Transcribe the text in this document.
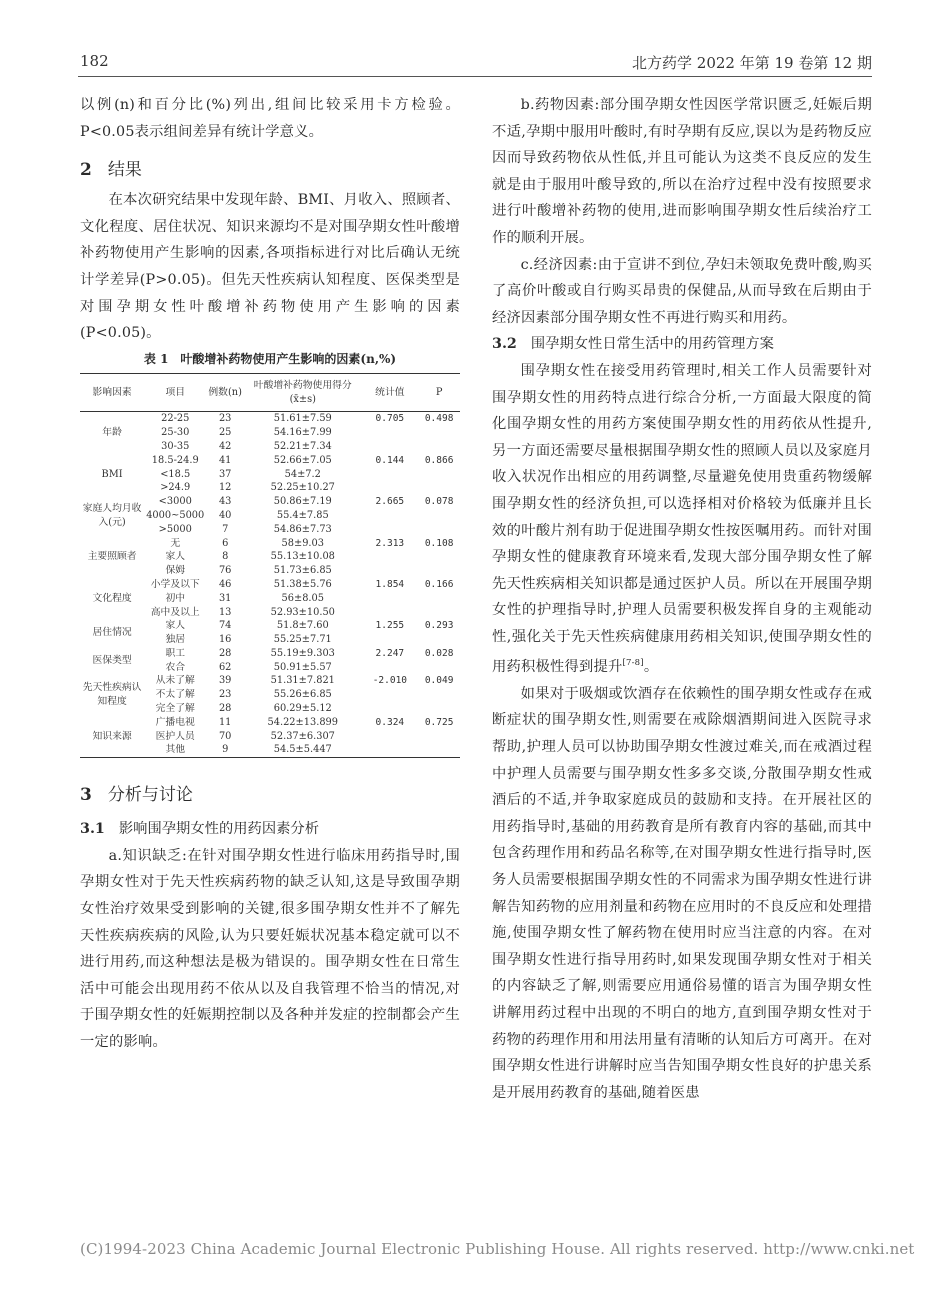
182	北方药学 2022 年第 19 卷第 12 期

以例(n)和百分比(%)列出,组间比较采用卡方检验。P<0.05表示组间差异有统计学意义。

2 结果

在本次研究结果中发现年龄、BMI、月收入、照顾者、文化程度、居住状况、知识来源均不是对围孕期女性叶酸增补药物使用产生影响的因素,各项指标进行对比后确认无统计学差异(P>0.05)。但先天性疾病认知程度、医保类型是对围孕期女性叶酸增补药物使用产生影响的因素(P<0.05)。

表 1　叶酸增补药物使用产生影响的因素(n,%)
影响因素	项目	例数(n)	叶酸增补药物使用得分(x̄±s)	统计值	P
年龄	22-25	23	51.61±7.59	0.705	0.498
	25-30	25	54.16±7.99		
	30-35	42	52.21±7.34		
BMI	18.5-24.9	41	52.66±7.05	0.144	0.866
	<18.5	37	54±7.2		
	>24.9	12	52.25±10.27		
家庭人均月收入(元)	<3000	43	50.86±7.19	2.665	0.078
	4000~5000	40	55.4±7.85		
	>5000	7	54.86±7.73		
主要照顾者	无	6	58±9.03	2.313	0.108
	家人	8	55.13±10.08		
	保姆	76	51.73±6.85		
文化程度	小学及以下	46	51.38±5.76	1.854	0.166
	初中	31	56±8.05		
	高中及以上	13	52.93±10.50		
居住情况	家人	74	51.8±7.60	1.255	0.293
	独居	16	55.25±7.71		
医保类型	职工	28	55.19±9.303	2.247	0.028
	农合	62	50.91±5.57		
先天性疾病认知程度	从未了解	39	51.31±7.821	-2.010	0.049
	不太了解	23	55.26±6.85		
	完全了解	28	60.29±5.12		
知识来源	广播电视	11	54.22±13.899	0.324	0.725
	医护人员	70	52.37±6.307		
	其他	9	54.5±5.447		
3 分析与讨论
3.1 影响围孕期女性的用药因素分析

a.知识缺乏:在针对围孕期女性进行临床用药指导时,围孕期女性对于先天性疾病药物的缺乏认知,这是导致围孕期女性治疗效果受到影响的关键,很多围孕期女性并不了解先天性疾病疾病的风险,认为只要妊娠状况基本稳定就可以不进行用药,而这种想法是极为错误的。围孕期女性在日常生活中可能会出现用药不依从以及自我管理不恰当的情况,对于围孕期女性的妊娠期控制以及各种并发症的控制都会产生一定的影响。

b.药物因素:部分围孕期女性因医学常识匮乏,妊娠后期不适,孕期中服用叶酸时,有时孕期有反应,误以为是药物反应因而导致药物依从性低,并且可能认为这类不良反应的发生就是由于服用叶酸导致的,所以在治疗过程中没有按照要求进行叶酸增补药物的使用,进而影响围孕期女性后续治疗工作的顺利开展。

c.经济因素:由于宣讲不到位,孕妇未领取免费叶酸,购买了高价叶酸或自行购买昂贵的保健品,从而导致在后期由于经济因素部分围孕期女性不再进行购买和用药。

3.2 围孕期女性日常生活中的用药管理方案

围孕期女性在接受用药管理时,相关工作人员需要针对围孕期女性的用药特点进行综合分析,一方面最大限度的简化围孕期女性的用药方案使围孕期女性的用药依从性提升,另一方面还需要尽量根据围孕期女性的照顾人员以及家庭月收入状况作出相应的用药调整,尽量避免使用贵重药物缓解围孕期女性的经济负担,可以选择相对价格较为低廉并且长效的叶酸片剂有助于促进围孕期女性按医嘱用药。而针对围孕期女性的健康教育环境来看,发现大部分围孕期女性了解先天性疾病相关知识都是通过医护人员。所以在开展围孕期女性的护理指导时,护理人员需要积极发挥自身的主观能动性,强化关于先天性疾病健康用药相关知识,使围孕期女性的用药积极性得到提升[7-8]。

如果对于吸烟或饮酒存在依赖性的围孕期女性或存在戒断症状的围孕期女性,则需要在戒除烟酒期间进入医院寻求帮助,护理人员可以协助围孕期女性渡过难关,而在戒酒过程中护理人员需要与围孕期女性多多交谈,分散围孕期女性戒酒后的不适,并争取家庭成员的鼓励和支持。在开展社区的用药指导时,基础的用药教育是所有教育内容的基础,而其中包含药理作用和药品名称等,在对围孕期女性进行指导时,医务人员需要根据围孕期女性的不同需求为围孕期女性进行讲解告知药物的应用剂量和药物在应用时的不良反应和处理措施,使围孕期女性了解药物在使用时应当注意的内容。在对围孕期女性进行指导用药时,如果发现围孕期女性对于相关的内容缺乏了解,则需要应用通俗易懂的语言为围孕期女性讲解用药过程中出现的不明白的地方,直到围孕期女性对于药物的药理作用和用法用量有清晰的认知后方可离开。在对围孕期女性进行讲解时应当告知围孕期女性良好的护患关系是开展用药教育的基础,随着医患

(C)1994-2023 China Academic Journal Electronic Publishing House. All rights reserved. http://www.cnki.net
